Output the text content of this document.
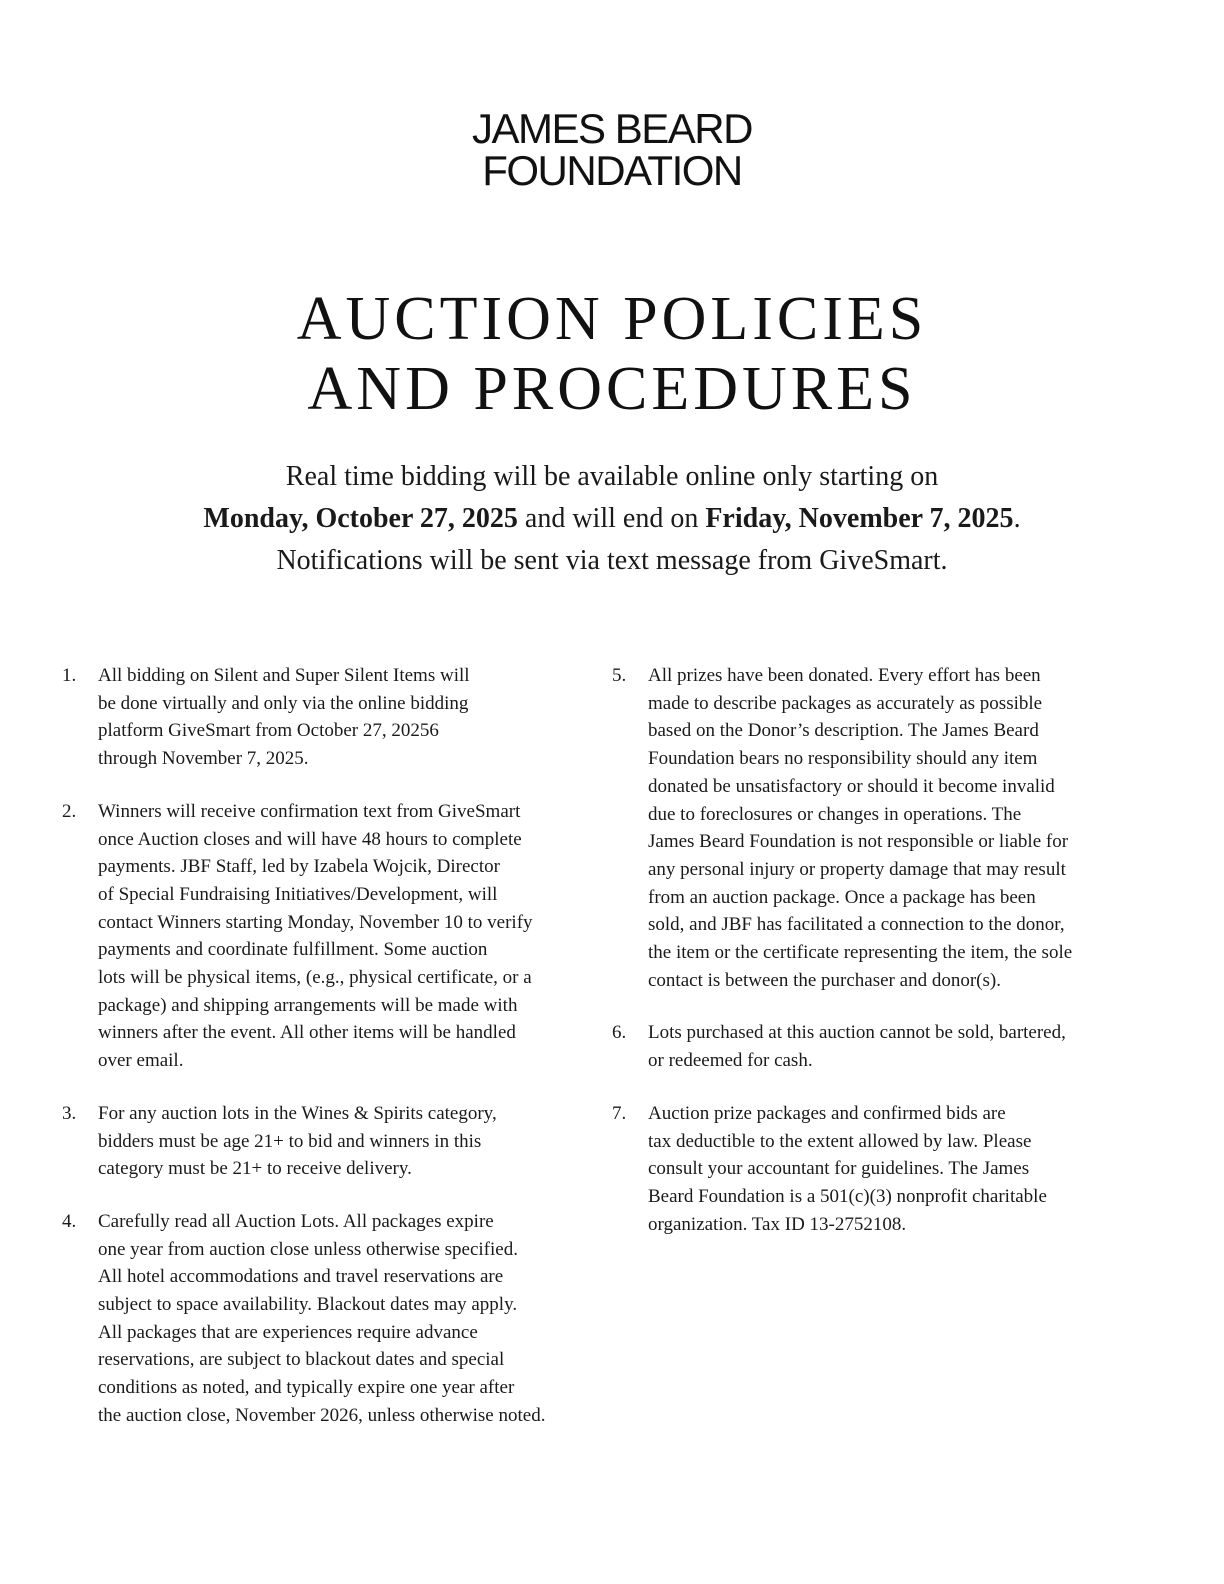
JAMES BEARD
FOUNDATION
AUCTION POLICIES
AND PROCEDURES
Real time bidding will be available online only starting on
Monday, October 27, 2025 and will end on Friday, November 7, 2025.
Notifications will be sent via text message from GiveSmart.
1.	All bidding on Silent and Super Silent Items will
be done virtually and only via the online bidding
platform GiveSmart from October 27, 20256
through November 7, 2025.
2.	Winners will receive confirmation text from GiveSmart
once Auction closes and will have 48 hours to complete
payments. JBF Staff, led by Izabela Wojcik, Director
of Special Fundraising Initiatives/Development, will
contact Winners starting Monday, November 10 to verify
payments and coordinate fulfillment. Some auction
lots will be physical items, (e.g., physical certificate, or a
package) and shipping arrangements will be made with
winners after the event. All other items will be handled
over email.
3.	For any auction lots in the Wines & Spirits category,
bidders must be age 21+ to bid and winners in this
category must be 21+ to receive delivery.
4.	Carefully read all Auction Lots. All packages expire
one year from auction close unless otherwise specified.
All hotel accommodations and travel reservations are
subject to space availability. Blackout dates may apply.
All packages that are experiences require advance
reservations, are subject to blackout dates and special
conditions as noted, and typically expire one year after
the auction close, November 2026, unless otherwise noted.
5.	All prizes have been donated. Every effort has been
made to describe packages as accurately as possible
based on the Donor’s description. The James Beard
Foundation bears no responsibility should any item
donated be unsatisfactory or should it become invalid
due to foreclosures or changes in operations. The
James Beard Foundation is not responsible or liable for
any personal injury or property damage that may result
from an auction package. Once a package has been
sold, and JBF has facilitated a connection to the donor,
the item or the certificate representing the item, the sole
contact is between the purchaser and donor(s).
6.	Lots purchased at this auction cannot be sold, bartered,
or redeemed for cash.
7.	Auction prize packages and confirmed bids are
tax deductible to the extent allowed by law. Please
consult your accountant for guidelines. The James
Beard Foundation is a 501(c)(3) nonprofit charitable
organization. Tax ID 13-2752108.
